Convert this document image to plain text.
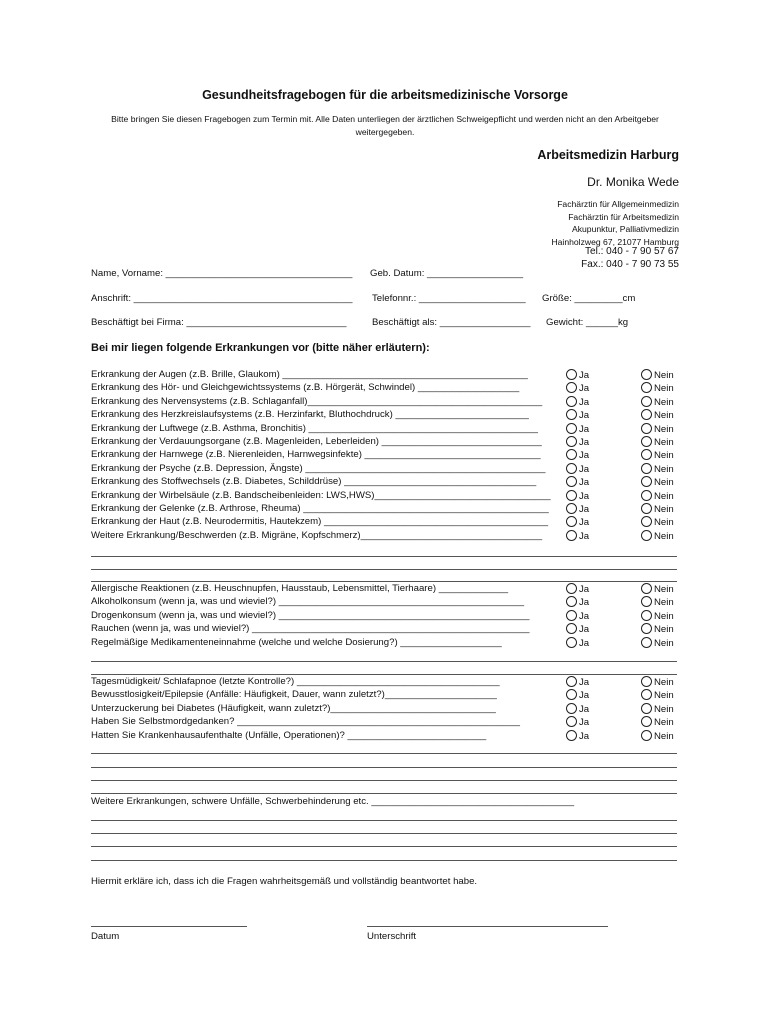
Gesundheitsfragebogen für die arbeitsmedizinische Vorsorge
Bitte bringen Sie diesen Fragebogen zum Termin mit. Alle Daten unterliegen der ärztlichen Schweigepflicht und werden nicht an den Arbeitgeber weitergegeben.
Arbeitsmedizin Harburg
Dr. Monika Wede
Fachärztin für Allgemeinmedizin
Fachärztin für Arbeitsmedizin
Akupunktur, Palliativmedizin
Hainholzweg 67, 21077 Hamburg
Tel.: 040 - 7 90 57 67
Fax.: 040 - 7 90 73 55
Name, Vorname: ___________________________________ Geb. Datum: __________________
Anschrift: _________________________________________ Telefonnr.: ____________________ Größe: _________cm
Beschäftigt bei Firma: ______________________________	Beschäftigt als: _________________ Gewicht: ______kg
Bei mir liegen folgende Erkrankungen vor (bitte näher erläutern):
Erkrankung der Augen (z.B. Brille, Glaukom) ______________________________________________	Ja	Nein
Erkrankung des Hör- und Gleichgewichtssystems (z.B. Hörgerät, Schwindel) ___________________	Ja	Nein
Erkrankung des Nervensystems (z.B. Schlaganfall)____________________________________________	Ja	Nein
Erkrankung des Herzkreislaufsystems (z.B. Herzinfarkt, Bluthochdruck) _________________________	Ja	Nein
Erkrankung der Luftwege (z.B. Asthma, Bronchitis) ___________________________________________	Ja	Nein
Erkrankung der Verdauungsorgane (z.B. Magenleiden, Leberleiden) ______________________________	Ja	Nein
Erkrankung der Harnwege (z.B. Nierenleiden, Harnwegsinfekte) _________________________________	Ja	Nein
Erkrankung der Psyche (z.B. Depression, Ängste) _____________________________________________	Ja	Nein
Erkrankung des Stoffwechsels (z.B. Diabetes, Schilddrüse) ____________________________________	Ja	Nein
Erkrankung der Wirbelsäule (z.B. Bandscheibenleiden: LWS,HWS)_________________________________	Ja	Nein
Erkrankung der Gelenke (z.B. Arthrose, Rheuma) ______________________________________________	Ja	Nein
Erkrankung der Haut (z.B. Neurodermitis, Hautekzem) __________________________________________	Ja	Nein
Weitere Erkrankung/Beschwerden (z.B. Migräne, Kopfschmerz)__________________________________	Ja	Nein
Allergische Reaktionen (z.B. Heuschnupfen, Hausstaub, Lebensmittel, Tierhaare) _____________	Ja	Nein
Alkoholkonsum (wenn ja, was und wieviel?) ______________________________________________	Ja	Nein
Drogenkonsum (wenn ja, was und wieviel?) _______________________________________________	Ja	Nein
Rauchen (wenn ja, was und wieviel?) ____________________________________________________	Ja	Nein
Regelmäßige Medikamenteneinnahme (welche und welche Dosierung?) ___________________	Ja	Nein
Tagesmüdigkeit/ Schlafapnoe (letzte Kontrolle?) ______________________________________	Ja	Nein
Bewusstlosigkeit/Epilepsie (Anfälle: Häufigkeit, Dauer, wann zuletzt?)_____________________	Ja	Nein
Unterzuckerung bei Diabetes (Häufigkeit, wann zuletzt?)_______________________________	Ja	Nein
Haben Sie Selbstmordgedanken? _____________________________________________________	Ja	Nein
Hatten Sie Krankenhausaufenthalte (Unfälle, Operationen)? __________________________	Ja	Nein
Weitere Erkrankungen, schwere Unfälle, Schwerbehinderung etc. ______________________________________
Hiermit erkläre ich, dass ich die Fragen wahrheitsgemäß und vollständig beantwortet habe.
Datum	Unterschrift
